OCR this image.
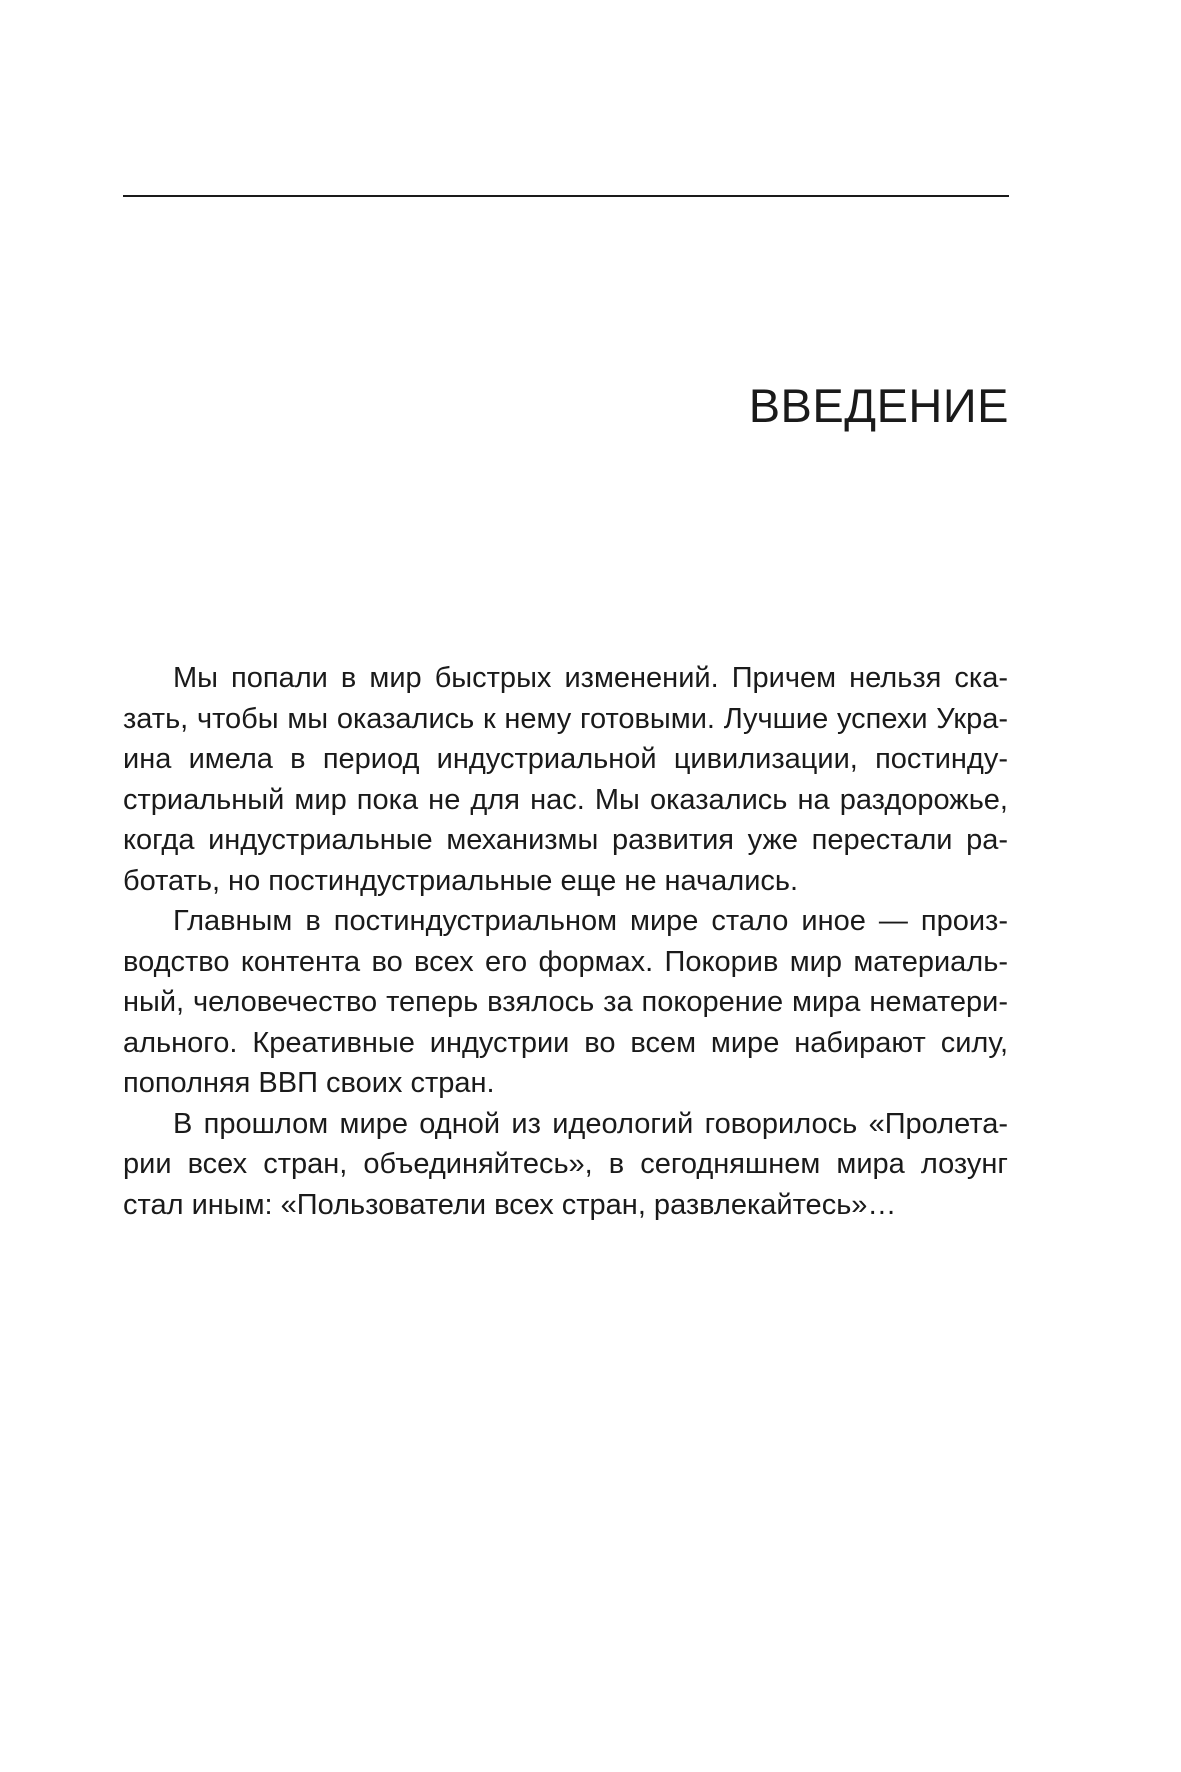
ВВЕДЕНИЕ

Мы попали в мир быстрых изменений. Причем нельзя ска-
зать, чтобы мы оказались к нему готовыми. Лучшие успехи Укра-
ина имела в период индустриальной цивилизации, постинду-
стриальный мир пока не для нас. Мы оказались на раздорожье,
когда индустриальные механизмы развития уже перестали ра-
ботать, но постиндустриальные еще не начались.

Главным в постиндустриальном мире стало иное — произ-
водство контента во всех его формах. Покорив мир материаль-
ный, человечество теперь взялось за покорение мира нематери-
ального. Креативные индустрии во всем мире набирают силу,
пополняя ВВП своих стран.

В прошлом мире одной из идеологий говорилось «Пролета-
рии всех стран, объединяйтесь», в сегодняшнем мира лозунг
стал иным: «Пользователи всех стран, развлекайтесь»…
